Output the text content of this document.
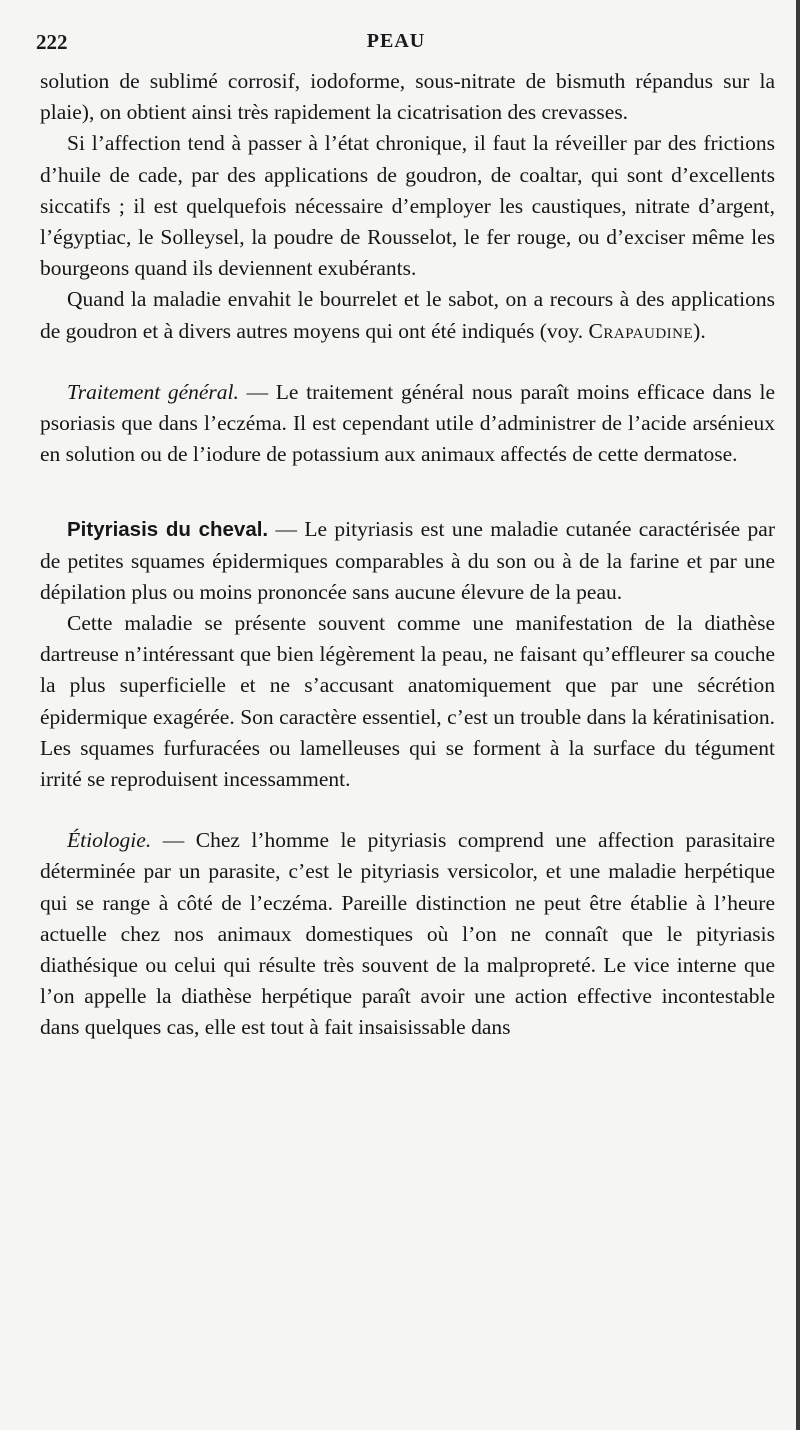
222	PEAU

solution de sublimé corrosif, iodoforme, sous-nitrate de bismuth répandus sur la plaie), on obtient ainsi très rapidement la cicatrisation des crevasses.

Si l’affection tend à passer à l’état chronique, il faut la réveiller par des frictions d’huile de cade, par des applications de goudron, de coaltar, qui sont d’excellents siccatifs ; il est quelquefois nécessaire d’employer les caustiques, nitrate d’argent, l’égyptiac, le Solleysel, la poudre de Rousselot, le fer rouge, ou d’exciser même les bourgeons quand ils deviennent exubérants.

Quand la maladie envahit le bourrelet et le sabot, on a recours à des applications de goudron et à divers autres moyens qui ont été indiqués (voy. Crapaudine).

Traitement général. — Le traitement général nous paraît moins efficace dans le psoriasis que dans l’eczéma. Il est cependant utile d’administrer de l’acide arsénieux en solution ou de l’iodure de potassium aux animaux affectés de cette dermatose.

Pityriasis du cheval. — Le pityriasis est une maladie cutanée caractérisée par de petites squames épidermiques comparables à du son ou à de la farine et par une dépilation plus ou moins prononcée sans aucune élevure de la peau.

Cette maladie se présente souvent comme une manifestation de la diathèse dartreuse n’intéressant que bien légèrement la peau, ne faisant qu’effleurer sa couche la plus superficielle et ne s’accusant anatomiquement que par une sécrétion épidermique exagérée. Son caractère essentiel, c’est un trouble dans la kératinisation. Les squames furfuracées ou lamelleuses qui se forment à la surface du tégument irrité se reproduisent incessamment.

Étiologie. — Chez l’homme le pityriasis comprend une affection parasitaire déterminée par un parasite, c’est le pityriasis versicolor, et une maladie herpétique qui se range à côté de l’eczéma. Pareille distinction ne peut être établie à l’heure actuelle chez nos animaux domestiques où l’on ne connaît que le pityriasis diathésique ou celui qui résulte très souvent de la malpropreté. Le vice interne que l’on appelle la diathèse herpétique paraît avoir une action effective incontestable dans quelques cas, elle est tout à fait insaisissable dans
